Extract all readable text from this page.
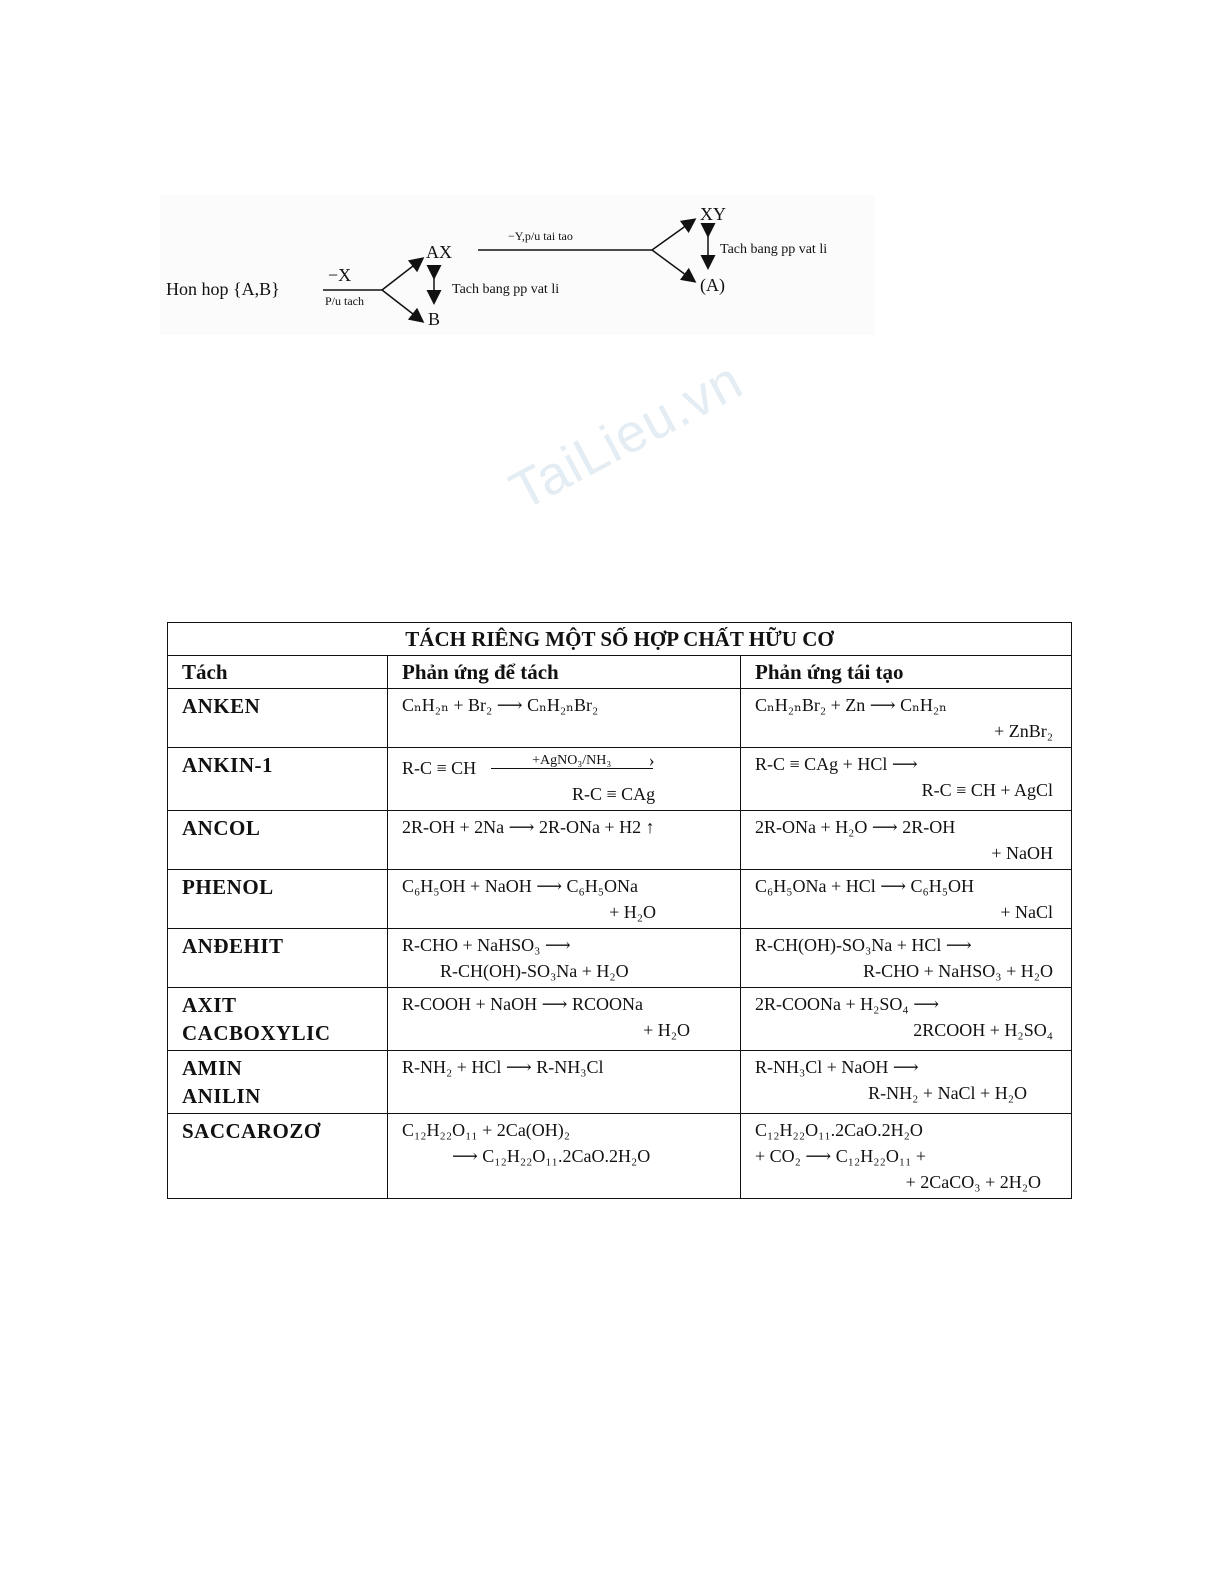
Hon hop {A,B}
−X
P/u tach
AX
B
Tach bang pp vat li
−Y,p/u tai tao
XY
(A)
Tach bang pp vat li
TaiLieu.vn
TÁCH RIÊNG MỘT SỐ HỢP CHẤT HỮU CƠ		
Tách	Phản ứng để tách	Phản ứng tái tạo

ANKEN	CₙH₂ₙ + Br₂ ⟶ CₙH₂ₙBr₂	CₙH₂ₙBr₂ + Zn ⟶ CₙH₂ₙ
+ ZnBr₂

ANKIN-1	R-C ≡ CH +AgNO₃/NH₃ ›
R-C ≡ CAg	R-C ≡ CAg + HCl ⟶
R-C ≡ CH + AgCl

ANCOL	2R-OH + 2Na ⟶ 2R-ONa + H2 ↑	2R-ONa + H₂O ⟶ 2R-OH
+ NaOH

PHENOL	C₆H₅OH + NaOH ⟶ C₆H₅ONa
+ H₂O	C₆H₅ONa + HCl ⟶ C₆H₅OH
+ NaCl

ANĐEHIT	R-CHO + NaHSO₃ ⟶
R-CH(OH)-SO₃Na + H₂O	R-CH(OH)-SO₃Na + HCl ⟶
R-CHO + NaHSO₃ + H₂O

AXIT
CACBOXYLIC	R-COOH + NaOH ⟶ RCOONa
+ H₂O	2R-COONa + H₂SO₄ ⟶
2RCOOH + H₂SO₄

AMIN
ANILIN	R-NH₂ + HCl ⟶ R-NH₃Cl	R-NH₃Cl + NaOH ⟶
R-NH₂ + NaCl + H₂O

SACCAROZƠ	C₁₂H₂₂O₁₁ + 2Ca(OH)₂
⟶ C₁₂H₂₂O₁₁.2CaO.2H₂O	C₁₂H₂₂O₁₁.2CaO.2H₂O
+ CO₂ ⟶ C₁₂H₂₂O₁₁ +
+ 2CaCO₃ + 2H₂O
